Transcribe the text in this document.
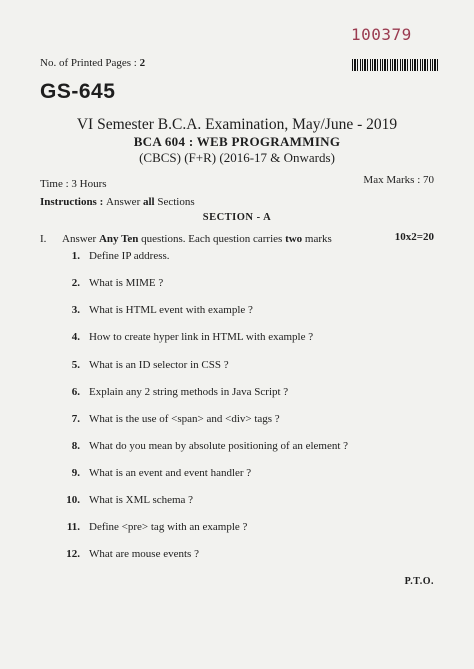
100379
No. of Printed Pages : 2
GS-645
VI Semester B.C.A. Examination, May/June - 2019
BCA 604 : WEB PROGRAMMING
(CBCS) (F+R) (2016-17 & Onwards)
Time : 3 Hours	Max Marks : 70
Instructions : Answer all Sections
SECTION - A
I. Answer Any Ten questions. Each question carries two marks	10x2=20
1. Define IP address.
2. What is MIME ?
3. What is HTML event with example ?
4. How to create hyper link in HTML with example ?
5. What is an ID selector in CSS ?
6. Explain any 2 string methods in Java Script ?
7. What is the use of <span> and <div> tags ?
8. What do you mean by absolute positioning of an element ?
9. What is an event and event handler ?
10. What is XML schema ?
11. Define <pre> tag with an example ?
12. What are mouse events ?
P.T.O.
